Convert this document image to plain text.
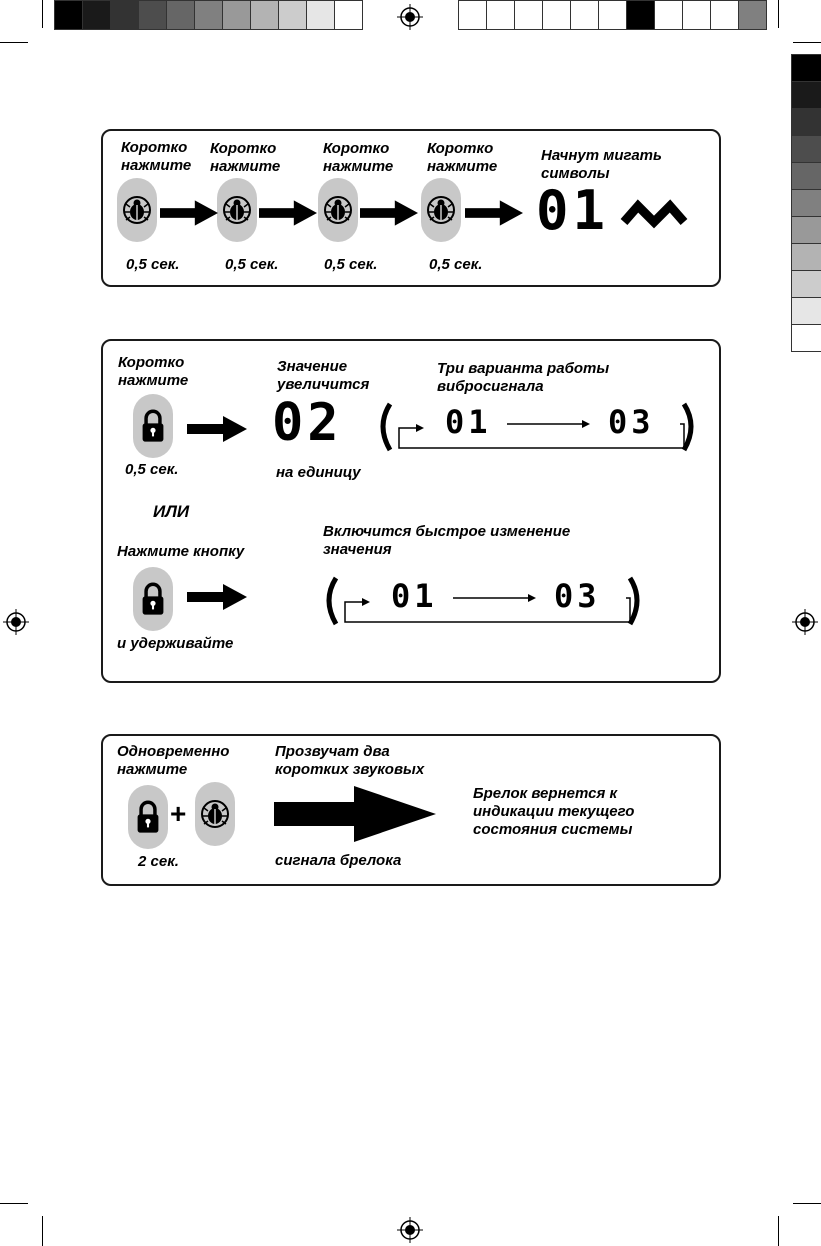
Коротко
нажмите
Коротко
нажмите
Коротко
нажмите
Коротко
нажмите
Начнут мигать
символы
01
0,5 сек.	0,5 сек.	0,5 сек.	0,5 сек.
Коротко
нажмите
0,5 сек.
Значение
увеличится
02
на единицу
Три варианта работы
вибросигнала
01	03
ИЛИ
Нажмите кнопку
и удерживайте
Включится быстрое изменение
значения
01	03
Одновременно
нажмите
+
2 сек.
Прозвучат два
коротких звуковых
сигнала брелока
Брелок вернется к
индикации текущего
состояния системы
